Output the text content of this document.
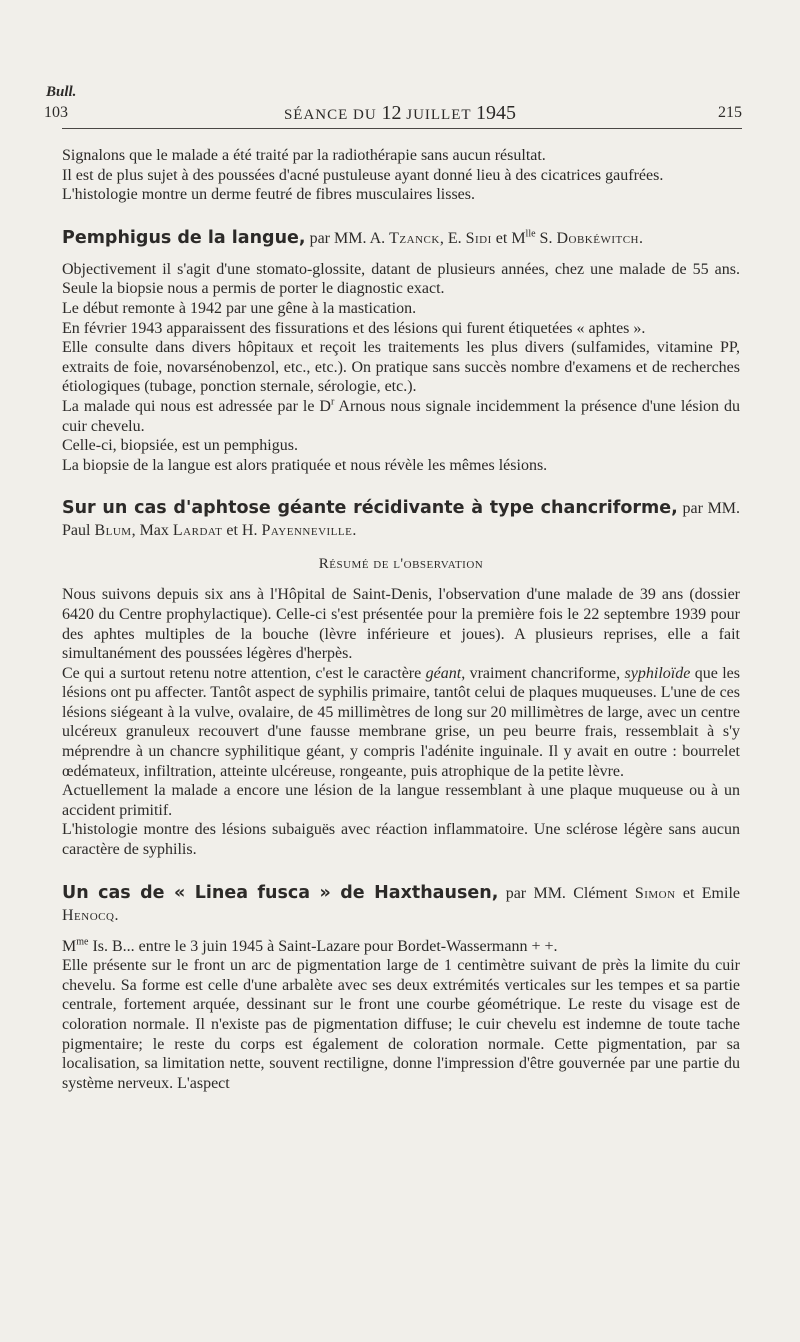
Bull.
103	SÉANCE DU 12 JUILLET 1945	215

Signalons que le malade a été traité par la radiothérapie sans aucun résultat.

Il est de plus sujet à des poussées d'acné pustuleuse ayant donné lieu à des cicatrices gaufrées.

L'histologie montre un derme feutré de fibres musculaires lisses.

Pemphigus de la langue, par MM. A. Tzanck, E. Sidi et $M^{lle}$ S. Dobkéwitch.

Objectivement il s'agit d'une stomato-glossite, datant de plusieurs années, chez une malade de 55 ans. Seule la biopsie nous a permis de porter le diagnostic exact.

Le début remonte à 1942 par une gêne à la mastication.

En février 1943 apparaissent des fissurations et des lésions qui furent étiquetées « aphtes ».

Elle consulte dans divers hôpitaux et reçoit les traitements les plus divers (sulfamides, vitamine PP, extraits de foie, novarsénobenzol, etc., etc.). On pratique sans succès nombre d'examens et de recherches étiologiques (tubage, ponction sternale, sérologie, etc.).

La malade qui nous est adressée par le $D^r$ Arnous nous signale incidemment la présence d'une lésion du cuir chevelu.

Celle-ci, biopsiée, est un pemphigus.

La biopsie de la langue est alors pratiquée et nous révèle les mêmes lésions.

Sur un cas d'aphtose géante récidivante à type chancriforme, par MM. Paul Blum, Max Lardat et H. Payenneville.

Résumé de l'observation

Nous suivons depuis six ans à l'Hôpital de Saint-Denis, l'observation d'une malade de 39 ans (dossier 6420 du Centre prophylactique). Celle-ci s'est présentée pour la première fois le 22 septembre 1939 pour des aphtes multiples de la bouche (lèvre inférieure et joues). A plusieurs reprises, elle a fait simultanément des poussées légères d'herpès.

Ce qui a surtout retenu notre attention, c'est le caractère géant, vraiment chancriforme, syphiloïde que les lésions ont pu affecter. Tantôt aspect de syphilis primaire, tantôt celui de plaques muqueuses. L'une de ces lésions siégeant à la vulve, ovalaire, de 45 millimètres de long sur 20 millimètres de large, avec un centre ulcéreux granuleux recouvert d'une fausse membrane grise, un peu beurre frais, ressemblait à s'y méprendre à un chancre syphilitique géant, y compris l'adénite inguinale. Il y avait en outre : bourrelet œdémateux, infiltration, atteinte ulcéreuse, rongeante, puis atrophique de la petite lèvre.

Actuellement la malade a encore une lésion de la langue ressemblant à une plaque muqueuse ou à un accident primitif.

L'histologie montre des lésions subaiguës avec réaction inflammatoire. Une sclérose légère sans aucun caractère de syphilis.

Un cas de « Linea fusca » de Haxthausen, par MM. Clément Simon et Emile Henocq.

$M^{me}$ Is. B... entre le 3 juin 1945 à Saint-Lazare pour Bordet-Wassermann + +.

Elle présente sur le front un arc de pigmentation large de 1 centimètre suivant de près la limite du cuir chevelu. Sa forme est celle d'une arbalète avec ses deux extrémités verticales sur les tempes et sa partie centrale, fortement arquée, dessinant sur le front une courbe géométrique. Le reste du visage est de coloration normale. Il n'existe pas de pigmentation diffuse; le cuir chevelu est indemne de toute tache pigmentaire; le reste du corps est également de coloration normale. Cette pigmentation, par sa localisation, sa limitation nette, souvent rectiligne, donne l'impression d'être gouvernée par une partie du système nerveux. L'aspect
